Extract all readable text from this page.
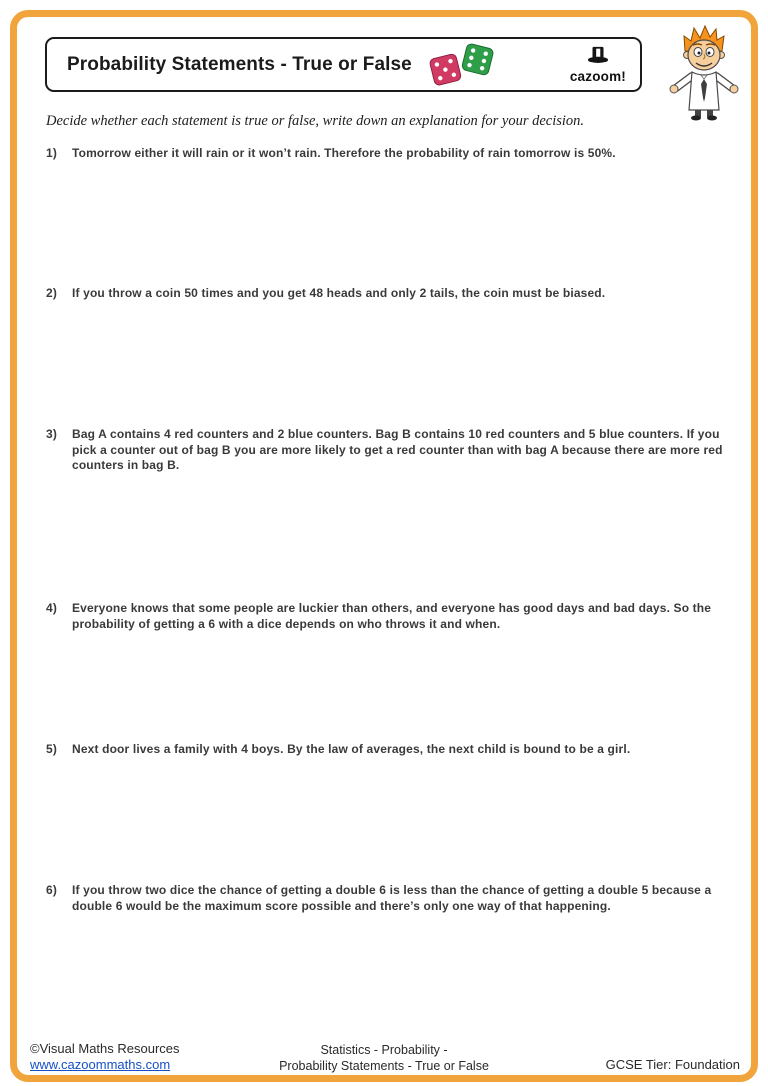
Probability Statements - True or False
cazoom!
Decide whether each statement is true or false, write down an explanation for your decision.
1)	Tomorrow either it will rain or it won’t rain. Therefore the probability of rain tomorrow is 50%.
2)	If you throw a coin 50 times and you get 48 heads and only 2 tails, the coin must be biased.
3)	Bag A contains 4 red counters and 2 blue counters. Bag B contains 10 red counters and 5 blue counters. If you pick a counter out of bag B you are more likely to get a red counter than with bag A because there are more red counters in bag B.
4)	Everyone knows that some people are luckier than others, and everyone has good days and bad days. So the probability of getting a 6 with a dice depends on who throws it and when.
5)	Next door lives a family with 4 boys. By the law of averages, the next child is bound to be a girl.
6)	If you throw two dice the chance of getting a double 6 is less than the chance of getting a double 5 because a double 6 would be the maximum score possible and there’s only one way of that happening.
©Visual Maths Resources
www.cazoommaths.com
Statistics - Probability -
Probability Statements - True or False	GCSE Tier: Foundation
